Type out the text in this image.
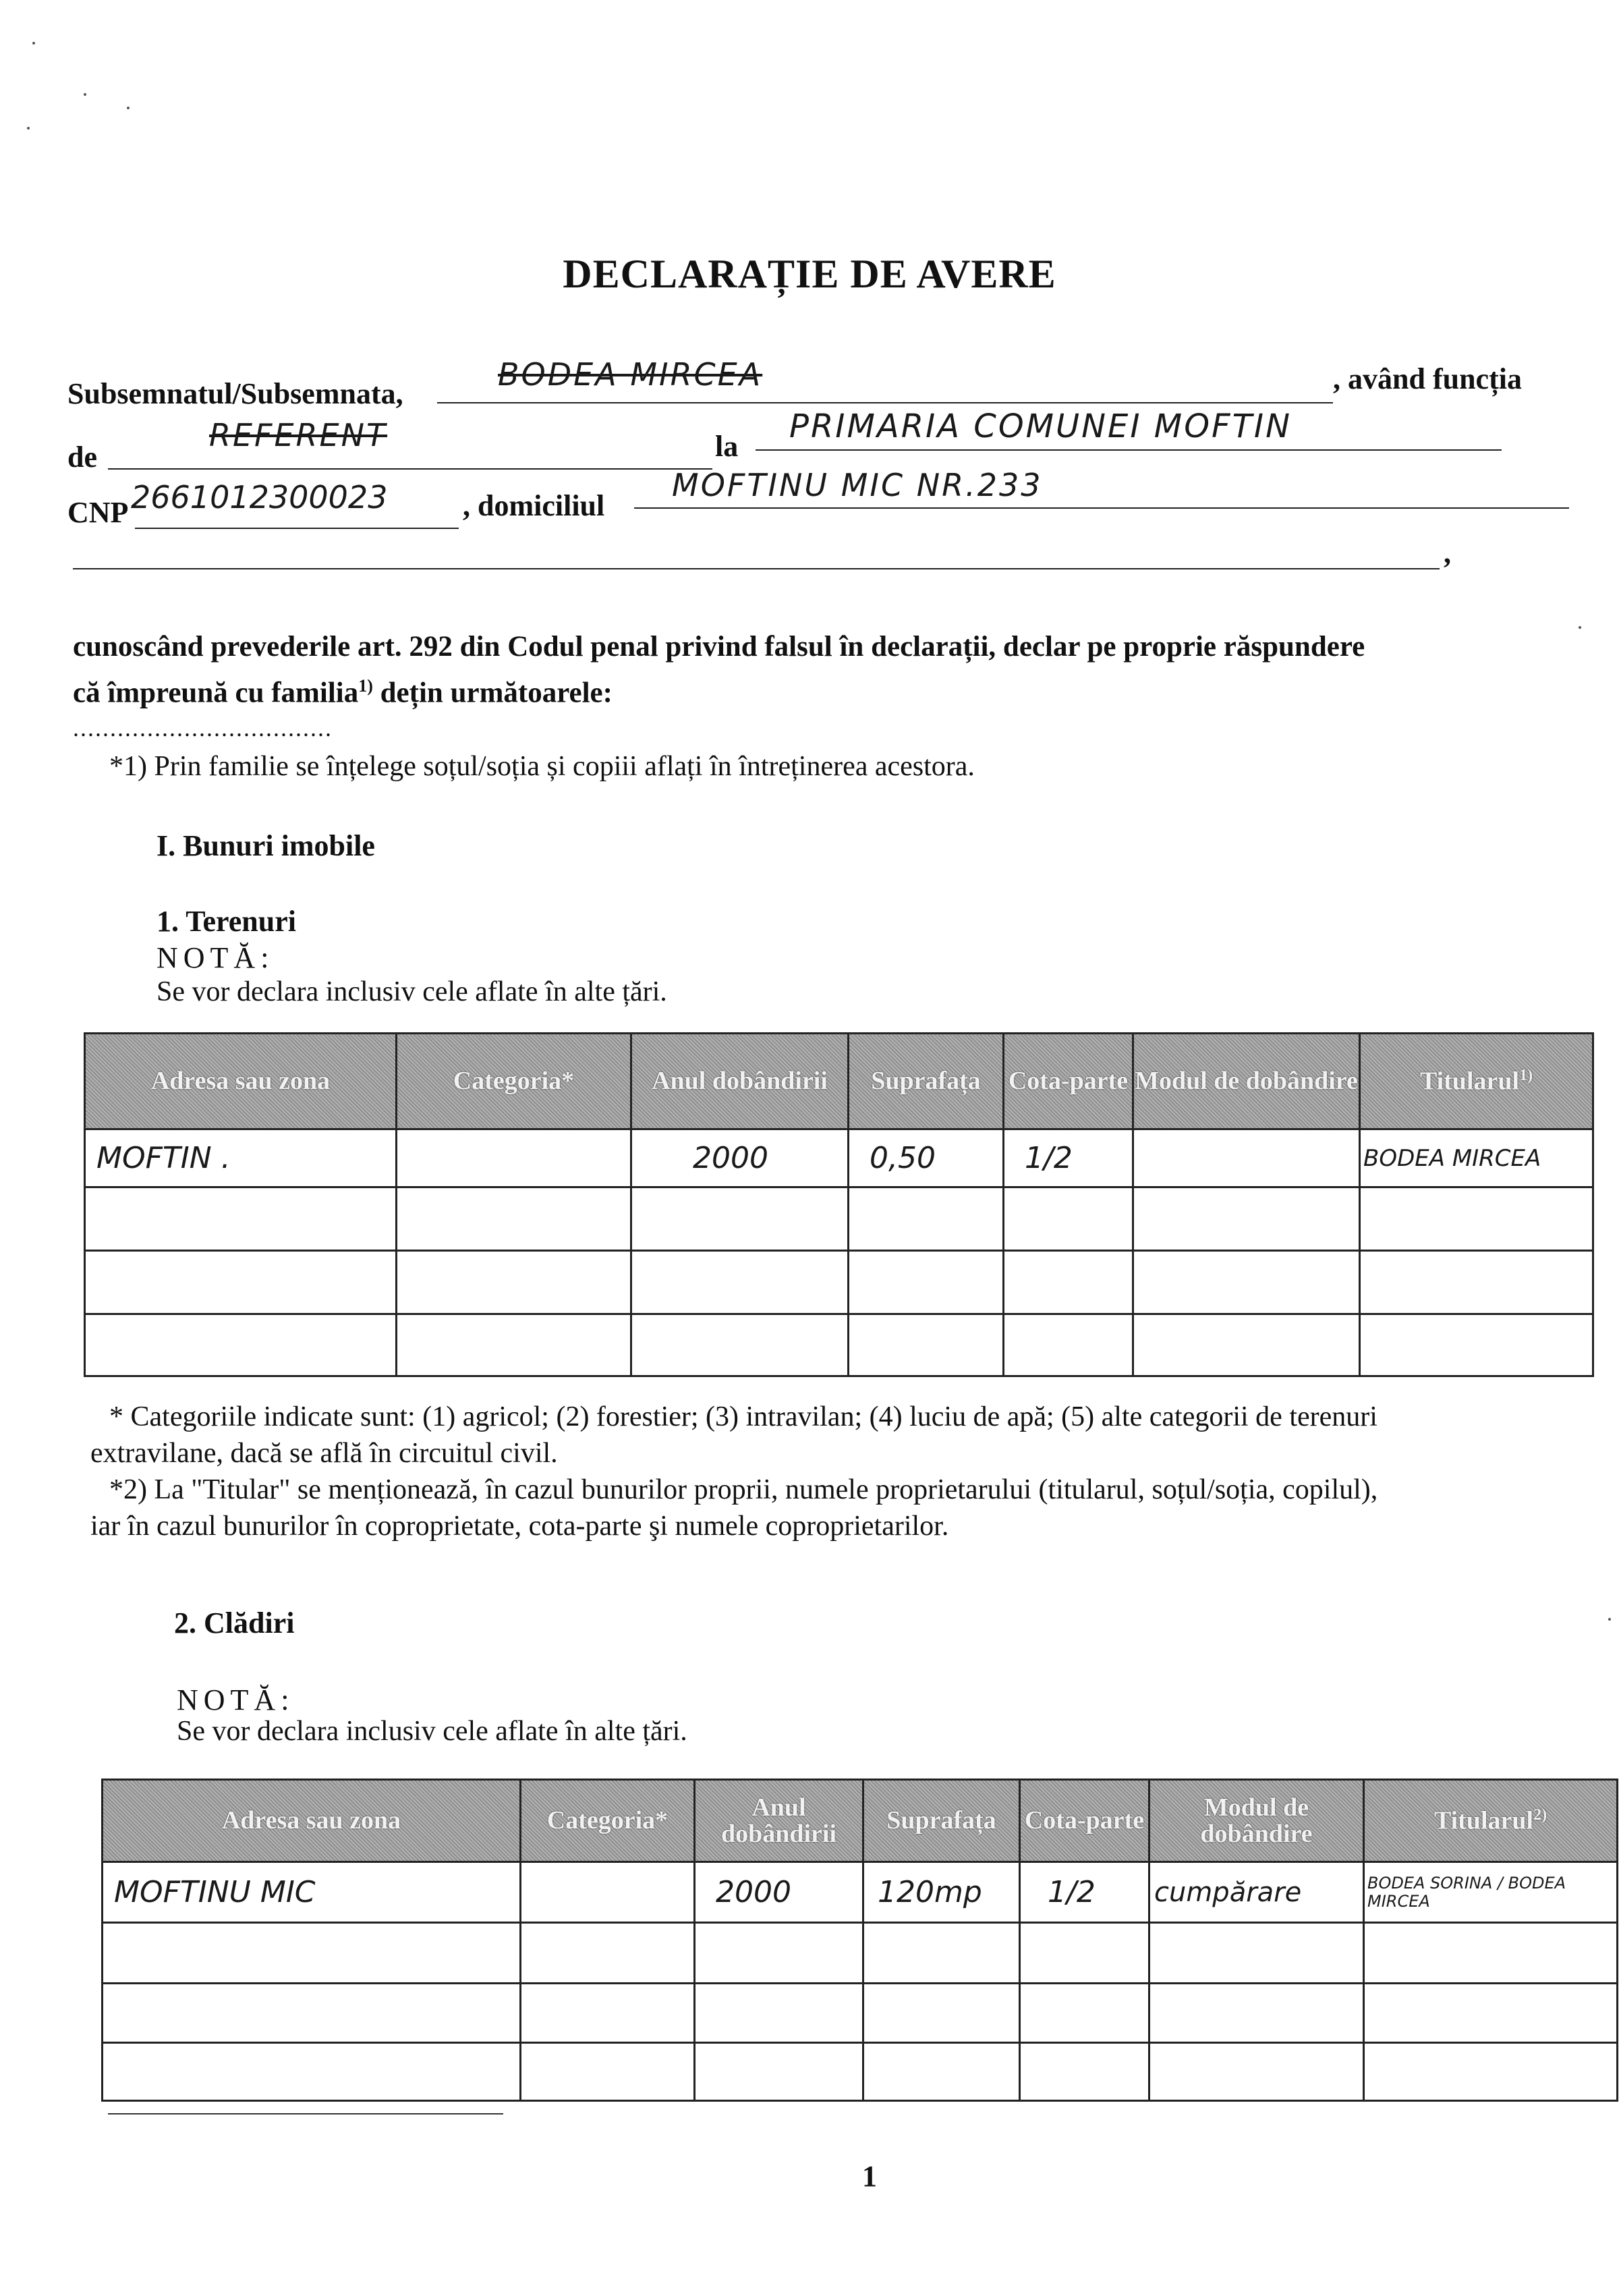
DECLARAȚIE DE AVERE
Subsemnatul/Subsemnata,
BODEA MIRCEA	, având funcția
de
REFERENT	la
PRIMARIA COMUNEI MOFTIN
CNP 2661012300023	, domiciliul
MOFTINU MIC NR.233
,
cunoscând prevederile art. 292 din Codul penal privind falsul în declarații, declar pe proprie răspundere
că împreună cu familia$^{1)}$ dețin următoarele:
...................................
*1) Prin familie se înțelege soțul/soția și copiii aflați în întreținerea acestora.
I. Bunuri imobile
1. Terenuri
NOTĂ:
Se vor declara inclusiv cele aflate în alte țări.
Adresa sau zona	Categoria*	Anul dobândirii	Suprafața	Cota-parte	Modul de dobândire	Titularul$^{1)}$

MOFTIN .		2000	0,50	1/2		BODEA MIRCEA

* Categoriile indicate sunt: (1) agricol; (2) forestier; (3) intravilan; (4) luciu de apă; (5) alte categorii de terenuri
extravilane, dacă se află în circuitul civil.
*2) La "Titular" se menționează, în cazul bunurilor proprii, numele proprietarului (titularul, soțul/soția, copilul),
iar în cazul bunurilor în coproprietate, cota-parte şi numele coproprietarilor.
2. Clădiri
NOTĂ:
Se vor declara inclusiv cele aflate în alte țări.
Adresa sau zona	Categoria*	Anul dobândirii	Suprafața	Cota-parte	Modul de dobândire	Titularul$^{2)}$

MOFTINU MIC		2000	120mp	1/2	cumpărare	BODEA SORINA / BODEA MIRCEA

1
